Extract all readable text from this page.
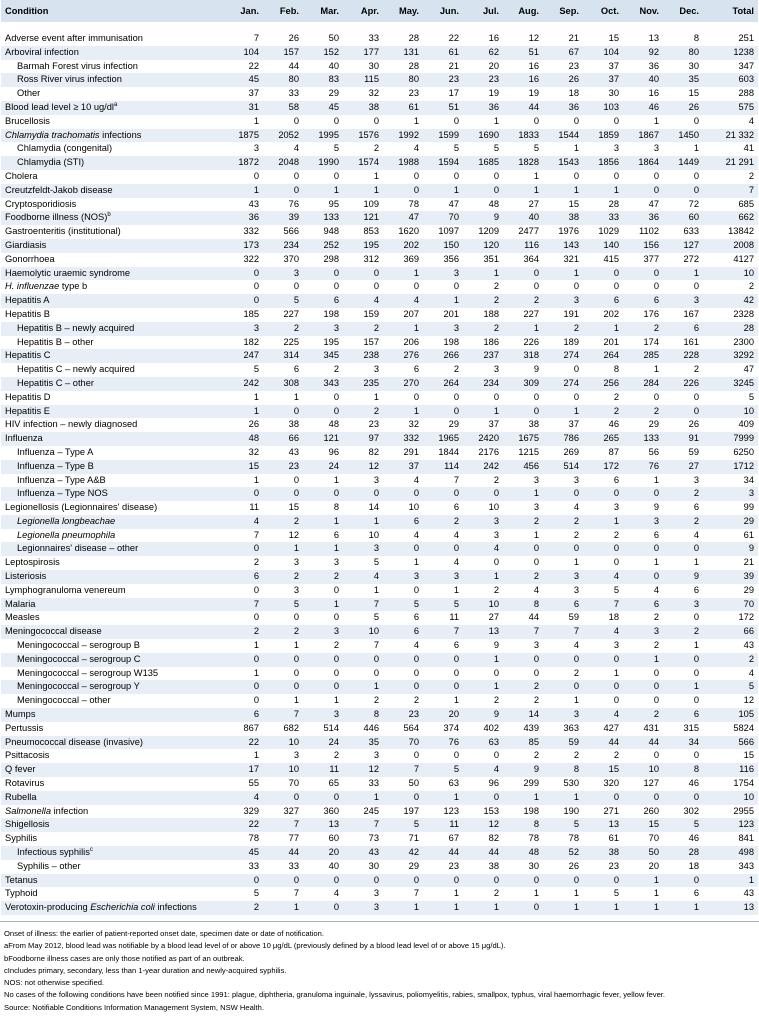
Condition	Jan.	Feb.	Mar.	Apr.	May.	Jun.	Jul.	Aug.	Sep.	Oct.	Nov.	Dec.	Total

Adverse event after immunisation	7	26	50	33	28	22	16	12	21	15	13	8	251
Arboviral infection	104	157	152	177	131	61	62	51	67	104	92	80	1238
Barmah Forest virus infection	22	44	40	30	28	21	20	16	23	37	36	30	347
Ross River virus infection	45	80	83	115	80	23	23	16	26	37	40	35	603
Other	37	33	29	32	23	17	19	19	18	30	16	15	288
Blood lead level ≥ 10 $ug/dl^a$	31	58	45	38	61	51	36	44	36	103	46	26	575
Brucellosis	1	0	0	0	1	0	1	0	0	0	1	0	4
Chlamydia trachomatis infections	1875	2052	1995	1576	1992	1599	1690	1833	1544	1859	1867	1450	21 332
Chlamydia (congenital)	3	4	5	2	4	5	5	5	1	3	3	1	41
Chlamydia (STI)	1872	2048	1990	1574	1988	1594	1685	1828	1543	1856	1864	1449	21 291
Cholera	0	0	0	1	0	0	0	1	0	0	0	0	2
Creutzfeldt-Jakob disease	1	0	1	1	0	1	0	1	1	1	0	0	7
Cryptosporidiosis	43	76	95	109	78	47	48	27	15	28	47	72	685
Foodborne illness (NOS)$^b$	36	39	133	121	47	70	9	40	38	33	36	60	662
Gastroenteritis (institutional)	332	566	948	853	1620	1097	1209	2477	1976	1029	1102	633	13842
Giardiasis	173	234	252	195	202	150	120	116	143	140	156	127	2008
Gonorrhoea	322	370	298	312	369	356	351	364	321	415	377	272	4127
Haemolytic uraemic syndrome	0	3	0	0	1	3	1	0	1	0	0	1	10
H. influenzae type b	0	0	0	0	0	0	2	0	0	0	0	0	2
Hepatitis A	0	5	6	4	4	1	2	2	3	6	6	3	42
Hepatitis B	185	227	198	159	207	201	188	227	191	202	176	167	2328
Hepatitis B – newly acquired	3	2	3	2	1	3	2	1	2	1	2	6	28
Hepatitis B – other	182	225	195	157	206	198	186	226	189	201	174	161	2300
Hepatitis C	247	314	345	238	276	266	237	318	274	264	285	228	3292
Hepatitis C – newly acquired	5	6	2	3	6	2	3	9	0	8	1	2	47
Hepatitis C – other	242	308	343	235	270	264	234	309	274	256	284	226	3245
Hepatitis D	1	1	0	1	0	0	0	0	0	2	0	0	5
Hepatitis E	1	0	0	2	1	0	1	0	1	2	2	0	10
HIV infection – newly diagnosed	26	38	48	23	32	29	37	38	37	46	29	26	409
Influenza	48	66	121	97	332	1965	2420	1675	786	265	133	91	7999
Influenza – Type A	32	43	96	82	291	1844	2176	1215	269	87	56	59	6250
Influenza – Type B	15	23	24	12	37	114	242	456	514	172	76	27	1712
Influenza – Type A&B	1	0	1	3	4	7	2	3	3	6	1	3	34
Influenza – Type NOS	0	0	0	0	0	0	0	1	0	0	0	2	3
Legionellosis (Legionnaires' disease)	11	15	8	14	10	6	10	3	4	3	9	6	99
Legionella longbeachae	4	2	1	1	6	2	3	2	2	1	3	2	29
Legionella pneumophila	7	12	6	10	4	4	3	1	2	2	6	4	61
Legionnaires' disease – other	0	1	1	3	0	0	4	0	0	0	0	0	9
Leptospirosis	2	3	3	5	1	4	0	0	1	0	1	1	21
Listeriosis	6	2	2	4	3	3	1	2	3	4	0	9	39
Lymphogranuloma venereum	0	3	0	1	0	1	2	4	3	5	4	6	29
Malaria	7	5	1	7	5	5	10	8	6	7	6	3	70
Measles	0	0	0	5	6	11	27	44	59	18	2	0	172
Meningococcal disease	2	2	3	10	6	7	13	7	7	4	3	2	66
Meningococcal – serogroup B	1	1	2	7	4	6	9	3	4	3	2	1	43
Meningococcal – serogroup C	0	0	0	0	0	0	1	0	0	0	1	0	2
Meningococcal – serogroup W135	1	0	0	0	0	0	0	0	2	1	0	0	4
Meningococcal – serogroup Y	0	0	0	1	0	0	1	2	0	0	0	1	5
Meningococcal – other	0	1	1	2	2	1	2	2	1	0	0	0	12
Mumps	6	7	3	8	23	20	9	14	3	4	2	6	105
Pertussis	867	682	514	446	564	374	402	439	363	427	431	315	5824
Pneumococcal disease (invasive)	22	10	24	35	70	76	63	85	59	44	44	34	566
Psittacosis	1	3	2	3	0	0	0	2	2	2	0	0	15
Q fever	17	10	11	12	7	5	4	9	8	15	10	8	116
Rotavirus	55	70	65	33	50	63	96	299	530	320	127	46	1754
Rubella	4	0	0	1	0	1	0	1	1	0	0	0	10
Salmonella infection	329	327	360	245	197	123	153	198	190	271	260	302	2955
Shigellosis	22	7	13	7	5	11	12	8	5	13	15	5	123
Syphilis	78	77	60	73	71	67	82	78	78	61	70	46	841
Infectious syphilis$^c$	45	44	20	43	42	44	44	48	52	38	50	28	498
Syphilis – other	33	33	40	30	29	23	38	30	26	23	20	18	343
Tetanus	0	0	0	0	0	0	0	0	0	0	1	0	1
Typhoid	5	7	4	3	7	1	2	1	1	5	1	6	43
Verotoxin-producing Escherichia coli infections	2	1	0	3	1	1	1	0	1	1	1	1	13
Onset of illness: the earlier of patient-reported onset date, specimen date or date of notification.
aFrom May 2012, blood lead was notifiable by a blood lead level of or above 10 μg/dL (previously defined by a blood lead level of or above 15 μg/dL).
bFoodborne illness cases are only those notified as part of an outbreak.
cIncludes primary, secondary, less than 1-year duration and newly-acquired syphilis.
NOS: not otherwise specified.
No cases of the following conditions have been notified since 1991: plague, diphtheria, granuloma inguinale, lyssavirus, poliomyelitis, rabies, smallpox, typhus, viral haemorrhagic fever, yellow fever.
Source: Notifiable Conditions Information Management System, NSW Health.
